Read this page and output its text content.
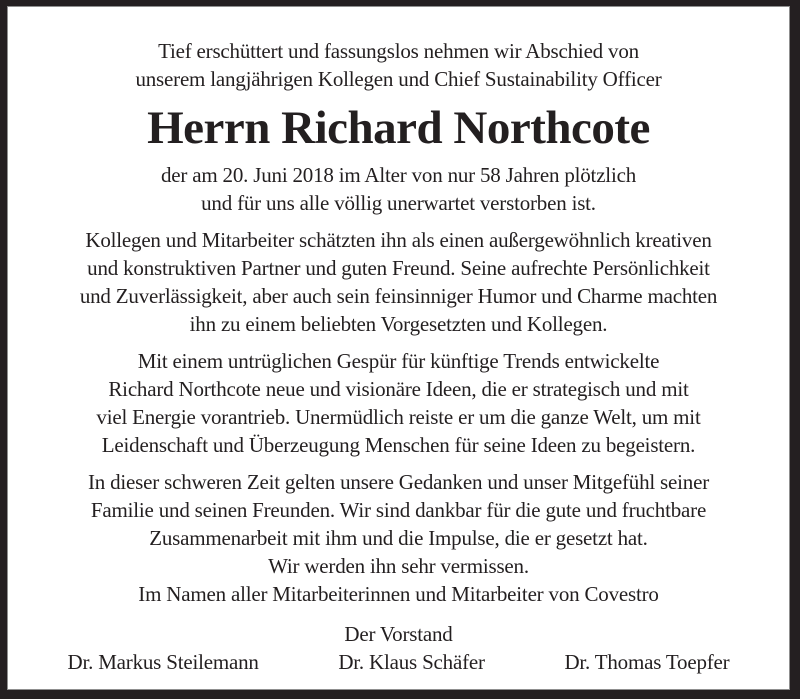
Tief erschüttert und fassungslos nehmen wir Abschied von
unserem langjährigen Kollegen und Chief Sustainability Officer
Herrn Richard Northcote
der am 20. Juni 2018 im Alter von nur 58 Jahren plötzlich
und für uns alle völlig unerwartet verstorben ist.
Kollegen und Mitarbeiter schätzten ihn als einen außergewöhnlich kreativen
und konstruktiven Partner und guten Freund. Seine aufrechte Persönlichkeit
und Zuverlässigkeit, aber auch sein feinsinniger Humor und Charme machten
ihn zu einem beliebten Vorgesetzten und Kollegen.
Mit einem untrüglichen Gespür für künftige Trends entwickelte
Richard Northcote neue und visionäre Ideen, die er strategisch und mit
viel Energie vorantrieb. Unermüdlich reiste er um die ganze Welt, um mit
Leidenschaft und Überzeugung Menschen für seine Ideen zu begeistern.
In dieser schweren Zeit gelten unsere Gedanken und unser Mitgefühl seiner
Familie und seinen Freunden. Wir sind dankbar für die gute und fruchtbare
Zusammenarbeit mit ihm und die Impulse, die er gesetzt hat.
Wir werden ihn sehr vermissen.
Im Namen aller Mitarbeiterinnen und Mitarbeiter von Covestro
Der Vorstand
Dr. Markus Steilemann	Dr. Klaus Schäfer	Dr. Thomas Toepfer
